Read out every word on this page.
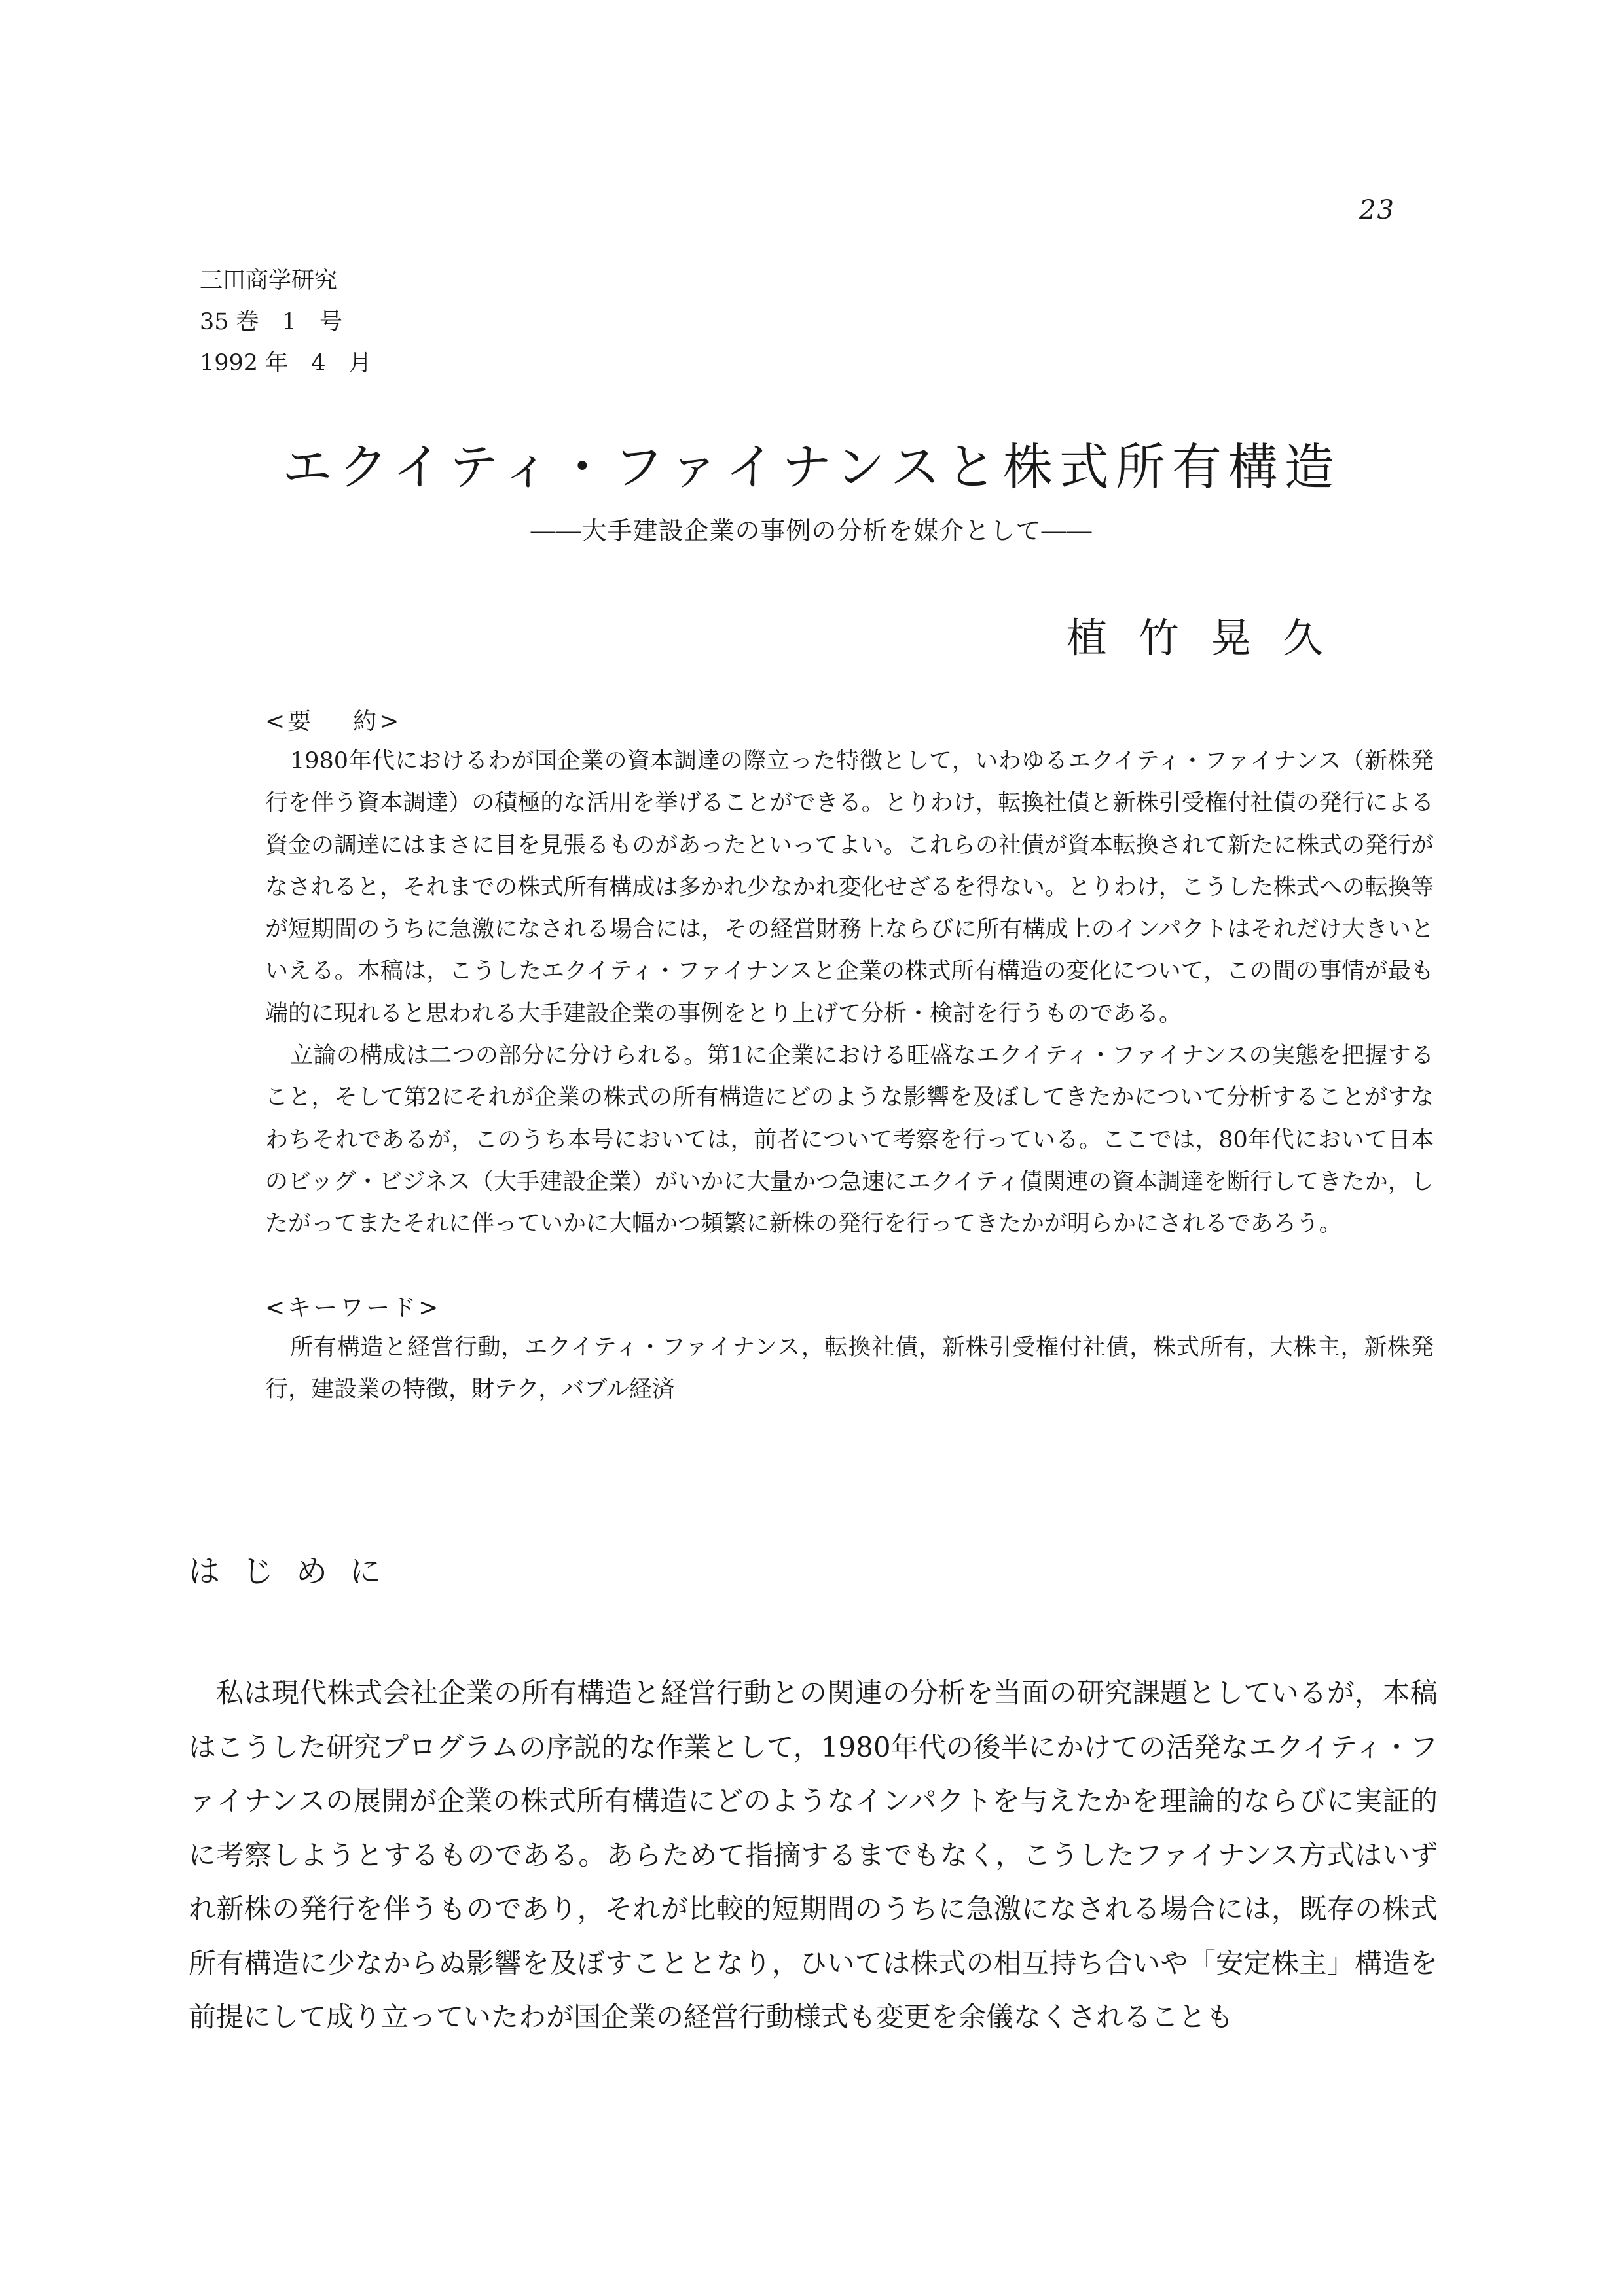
23
三田商学研究
35 巻　1　号
1992 年　4　月
エクイティ・ファイナンスと株式所有構造
――大手建設企業の事例の分析を媒介として――
植竹晃久
<要 約>

1980年代におけるわが国企業の資本調達の際立った特徴として，いわゆるエクイティ・ファイナンス（新株発行を伴う資本調達）の積極的な活用を挙げることができる。とりわけ，転換社債と新株引受権付社債の発行による資金の調達にはまさに目を見張るものがあったといってよい。これらの社債が資本転換されて新たに株式の発行がなされると，それまでの株式所有構成は多かれ少なかれ変化せざるを得ない。とりわけ，こうした株式への転換等が短期間のうちに急激になされる場合には，その経営財務上ならびに所有構成上のインパクトはそれだけ大きいといえる。本稿は，こうしたエクイティ・ファイナンスと企業の株式所有構造の変化について，この間の事情が最も端的に現れると思われる大手建設企業の事例をとり上げて分析・検討を行うものである。

立論の構成は二つの部分に分けられる。第1に企業における旺盛なエクイティ・ファイナンスの実態を把握すること，そして第2にそれが企業の株式の所有構造にどのような影響を及ぼしてきたかについて分析することがすなわちそれであるが，このうち本号においては，前者について考察を行っている。ここでは，80年代において日本のビッグ・ビジネス（大手建設企業）がいかに大量かつ急速にエクイティ債関連の資本調達を断行してきたか，したがってまたそれに伴っていかに大幅かつ頻繁に新株の発行を行ってきたかが明らかにされるであろう。

<キーワード>

所有構造と経営行動，エクイティ・ファイナンス，転換社債，新株引受権付社債，株式所有，大株主，新株発行，建設業の特徴，財テク，バブル経済

はじめに

私は現代株式会社企業の所有構造と経営行動との関連の分析を当面の研究課題としているが，本稿はこうした研究プログラムの序説的な作業として，1980年代の後半にかけての活発なエクイティ・ファイナンスの展開が企業の株式所有構造にどのようなインパクトを与えたかを理論的ならびに実証的に考察しようとするものである。あらためて指摘するまでもなく，こうしたファイナンス方式はいずれ新株の発行を伴うものであり，それが比較的短期間のうちに急激になされる場合には，既存の株式所有構造に少なからぬ影響を及ぼすこととなり，ひいては株式の相互持ち合いや「安定株主」構造を前提にして成り立っていたわが国企業の経営行動様式も変更を余儀なくされることも
